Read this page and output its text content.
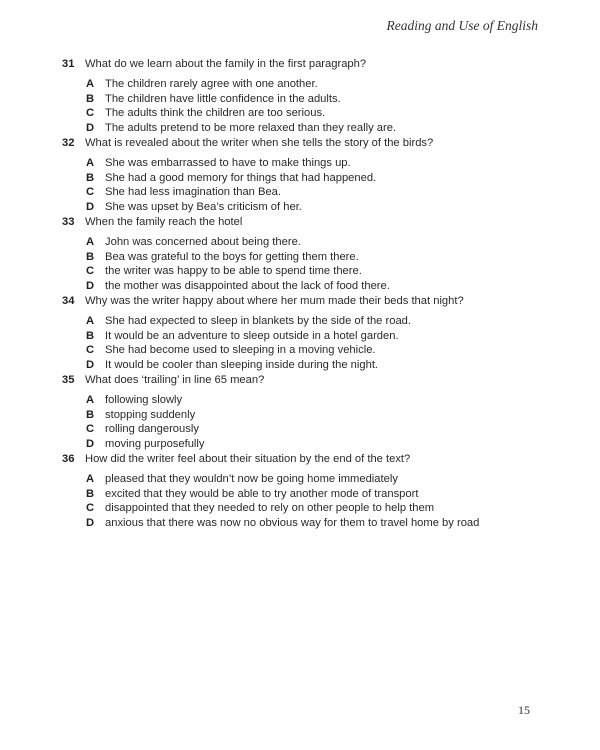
Reading and Use of English
31 What do we learn about the family in the first paragraph?
A The children rarely agree with one another.
B The children have little confidence in the adults.
C The adults think the children are too serious.
D The adults pretend to be more relaxed than they really are.
32 What is revealed about the writer when she tells the story of the birds?
A She was embarrassed to have to make things up.
B She had a good memory for things that had happened.
C She had less imagination than Bea.
D She was upset by Bea’s criticism of her.
33 When the family reach the hotel
A John was concerned about being there.
B Bea was grateful to the boys for getting them there.
C the writer was happy to be able to spend time there.
D the mother was disappointed about the lack of food there.
34 Why was the writer happy about where her mum made their beds that night?
A She had expected to sleep in blankets by the side of the road.
B It would be an adventure to sleep outside in a hotel garden.
C She had become used to sleeping in a moving vehicle.
D It would be cooler than sleeping inside during the night.
35 What does ‘trailing’ in line 65 mean?
A following slowly
B stopping suddenly
C rolling dangerously
D moving purposefully
36 How did the writer feel about their situation by the end of the text?
A pleased that they wouldn’t now be going home immediately
B excited that they would be able to try another mode of transport
C disappointed that they needed to rely on other people to help them
D anxious that there was now no obvious way for them to travel home by road
15
